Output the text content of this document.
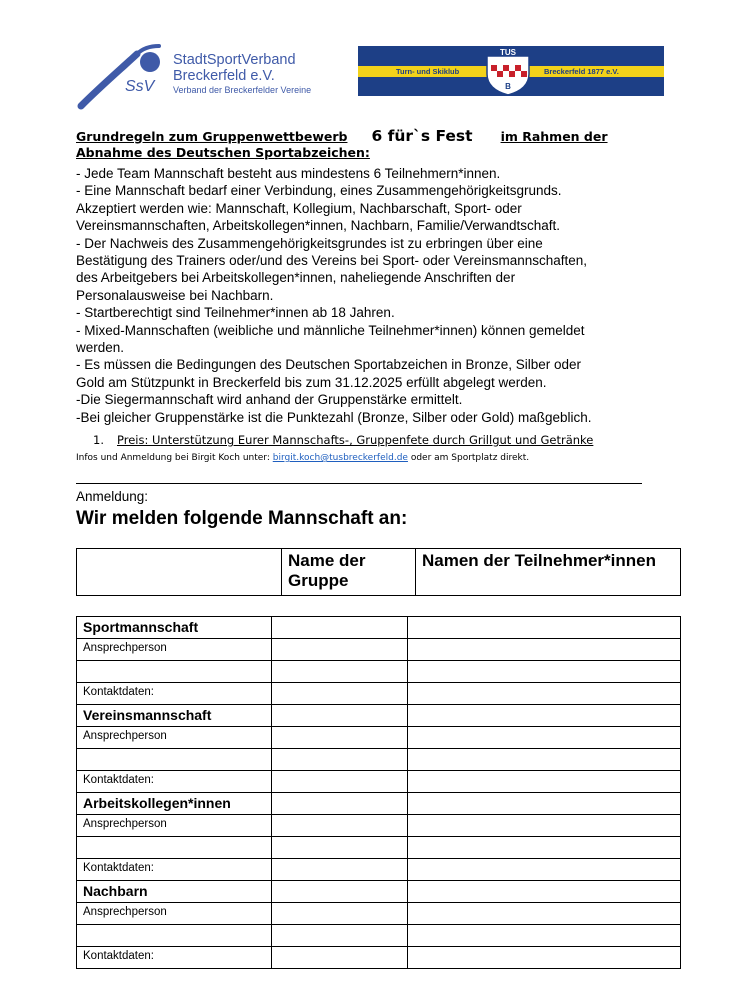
SsV
StadtSportVerband
Breckerfeld e.V.
Verband der Breckerfelder Vereine
Turn- und Skiklub	Breckerfeld 1877 e.V.
TUS
B
Grundregeln zum Gruppenwettbewerb 6 für`s Fest im Rahmen der
Abnahme des Deutschen Sportabzeichen:

- Jede Team Mannschaft besteht aus mindestens 6 Teilnehmern*innen.

- Eine Mannschaft bedarf einer Verbindung, eines Zusammengehörigkeitsgrunds.

Akzeptiert werden wie: Mannschaft, Kollegium, Nachbarschaft, Sport- oder

Vereinsmannschaften, Arbeitskollegen*innen, Nachbarn, Familie/Verwandtschaft.

- Der Nachweis des Zusammengehörigkeitsgrundes ist zu erbringen über eine

Bestätigung des Trainers oder/und des Vereins bei Sport- oder Vereinsmannschaften,

des Arbeitgebers bei Arbeitskollegen*innen, naheliegende Anschriften der

Personalausweise bei Nachbarn.

- Startberechtigt sind Teilnehmer*innen ab 18 Jahren.

- Mixed-Mannschaften (weibliche und männliche Teilnehmer*innen) können gemeldet

werden.

- Es müssen die Bedingungen des Deutschen Sportabzeichen in Bronze, Silber oder

Gold am Stützpunkt in Breckerfeld bis zum 31.12.2025 erfüllt abgelegt werden.

-Die Siegermannschaft wird anhand der Gruppenstärke ermittelt.

-Bei gleicher Gruppenstärke ist die Punktezahl (Bronze, Silber oder Gold) maßgeblich.

1. Preis: Unterstützung Eurer Mannschafts-, Gruppenfete durch Grillgut und Getränke
Infos und Anmeldung bei Birgit Koch unter: birgit.koch@tusbreckerfeld.de oder am Sportplatz direkt.
Anmeldung:
Wir melden folgende Mannschaft an:
	Name der Gruppe	Namen der Teilnehmer*innen
Sportmannschaft		
Ansprechperson		

Kontaktdaten:		
Vereinsmannschaft		
Ansprechperson		

Kontaktdaten:		
Arbeitskollegen*innen		
Ansprechperson		

Kontaktdaten:		
Nachbarn		
Ansprechperson		

Kontaktdaten:		
